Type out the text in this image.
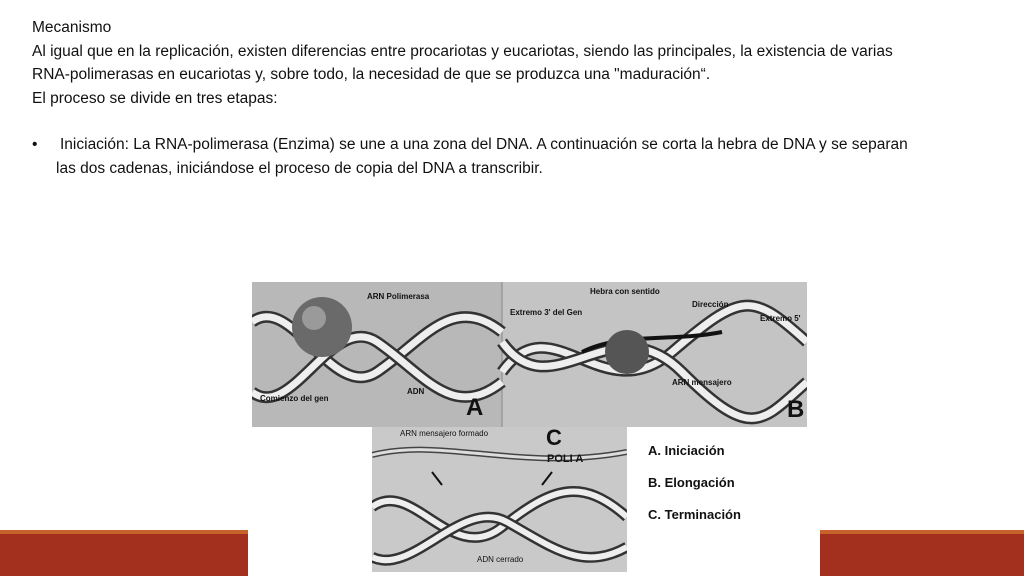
Mecanismo

Al igual que en la replicación, existen diferencias entre procariotas y eucariotas, siendo las principales, la existencia de varias RNA-polimerasas en eucariotas y, sobre todo, la necesidad de que se produzca una "maduración“.

El proceso se divide en tres etapas:

• Iniciación: La RNA-polimerasa (Enzima) se une a una zona del DNA. A continuación se corta la hebra de DNA y se separan las dos cadenas, iniciándose el proceso de copia del DNA a transcribir.
ARN Polimerasa
Comienzo del gen
ADN
A
Hebra con sentido
Extremo 3' del Gen
Dirección
Extremo 5'
ARN mensajero
B
ARN mensajero formado	C
POLI A
ADN cerrado
A. Iniciación
B. Elongación
C. Terminación
